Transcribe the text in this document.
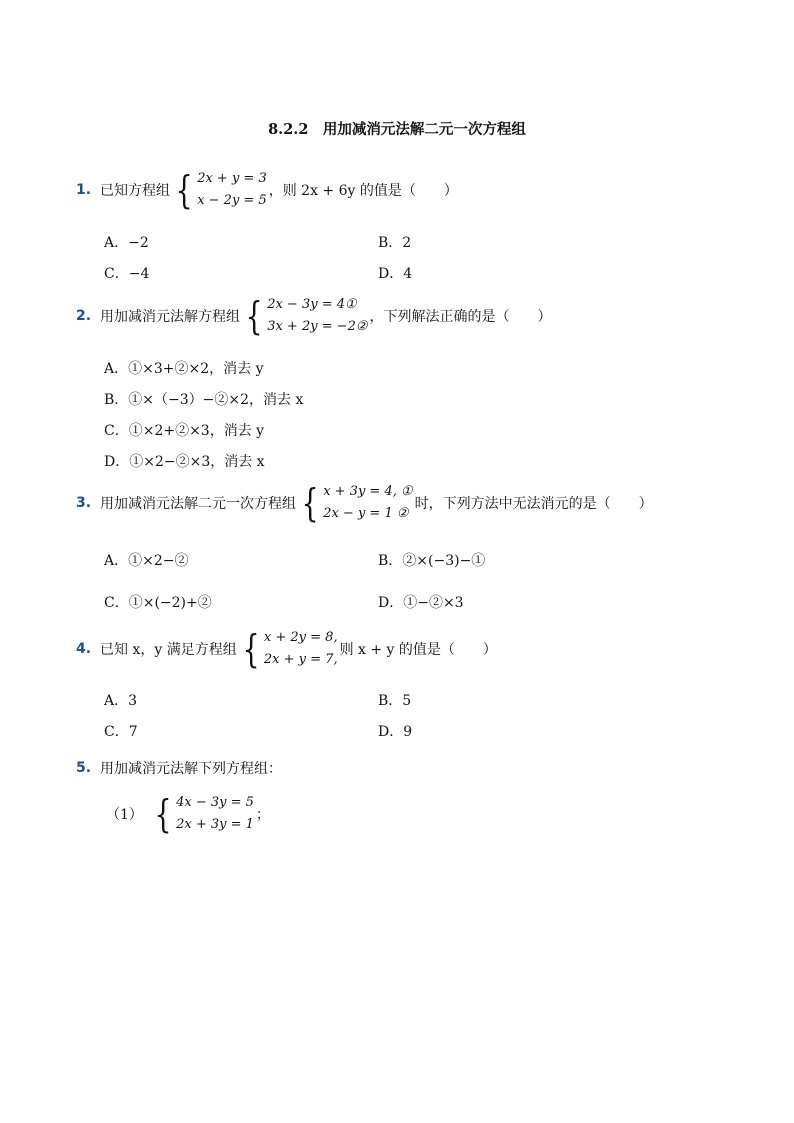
8.2.2　用加减消元法解二元一次方程组
1. 已知方程组 { 2x + y = 3
x − 2y = 5
，则 2x + 6y 的值是（　　）
A．−2	B．2
C．−4	D．4
2. 用加减消元法解方程组 { 2x − 3y = 4①
3x + 2y = −2②
，下列解法正确的是（　　）
A．①×3+②×2，消去 y
B．①×（−3）−②×2，消去 x
C．①×2+②×3，消去 y
D．①×2−②×3，消去 x
3. 用加减消元法解二元一次方程组 { x + 3y = 4, ①
2x − y = 1 ②
时，下列方法中无法消元的是（　　）
A．①×2−②	B．②×(−3)−①
C．①×(−2)+②	D．①−②×3
4. 已知 x，y 满足方程组 { x + 2y = 8,
2x + y = 7,
则 x + y 的值是（　　）
A．3	B．5
C．7	D．9
5. 用加减消元法解下列方程组：
（1） { 4x − 3y = 5
2x + 3y = 1
；
